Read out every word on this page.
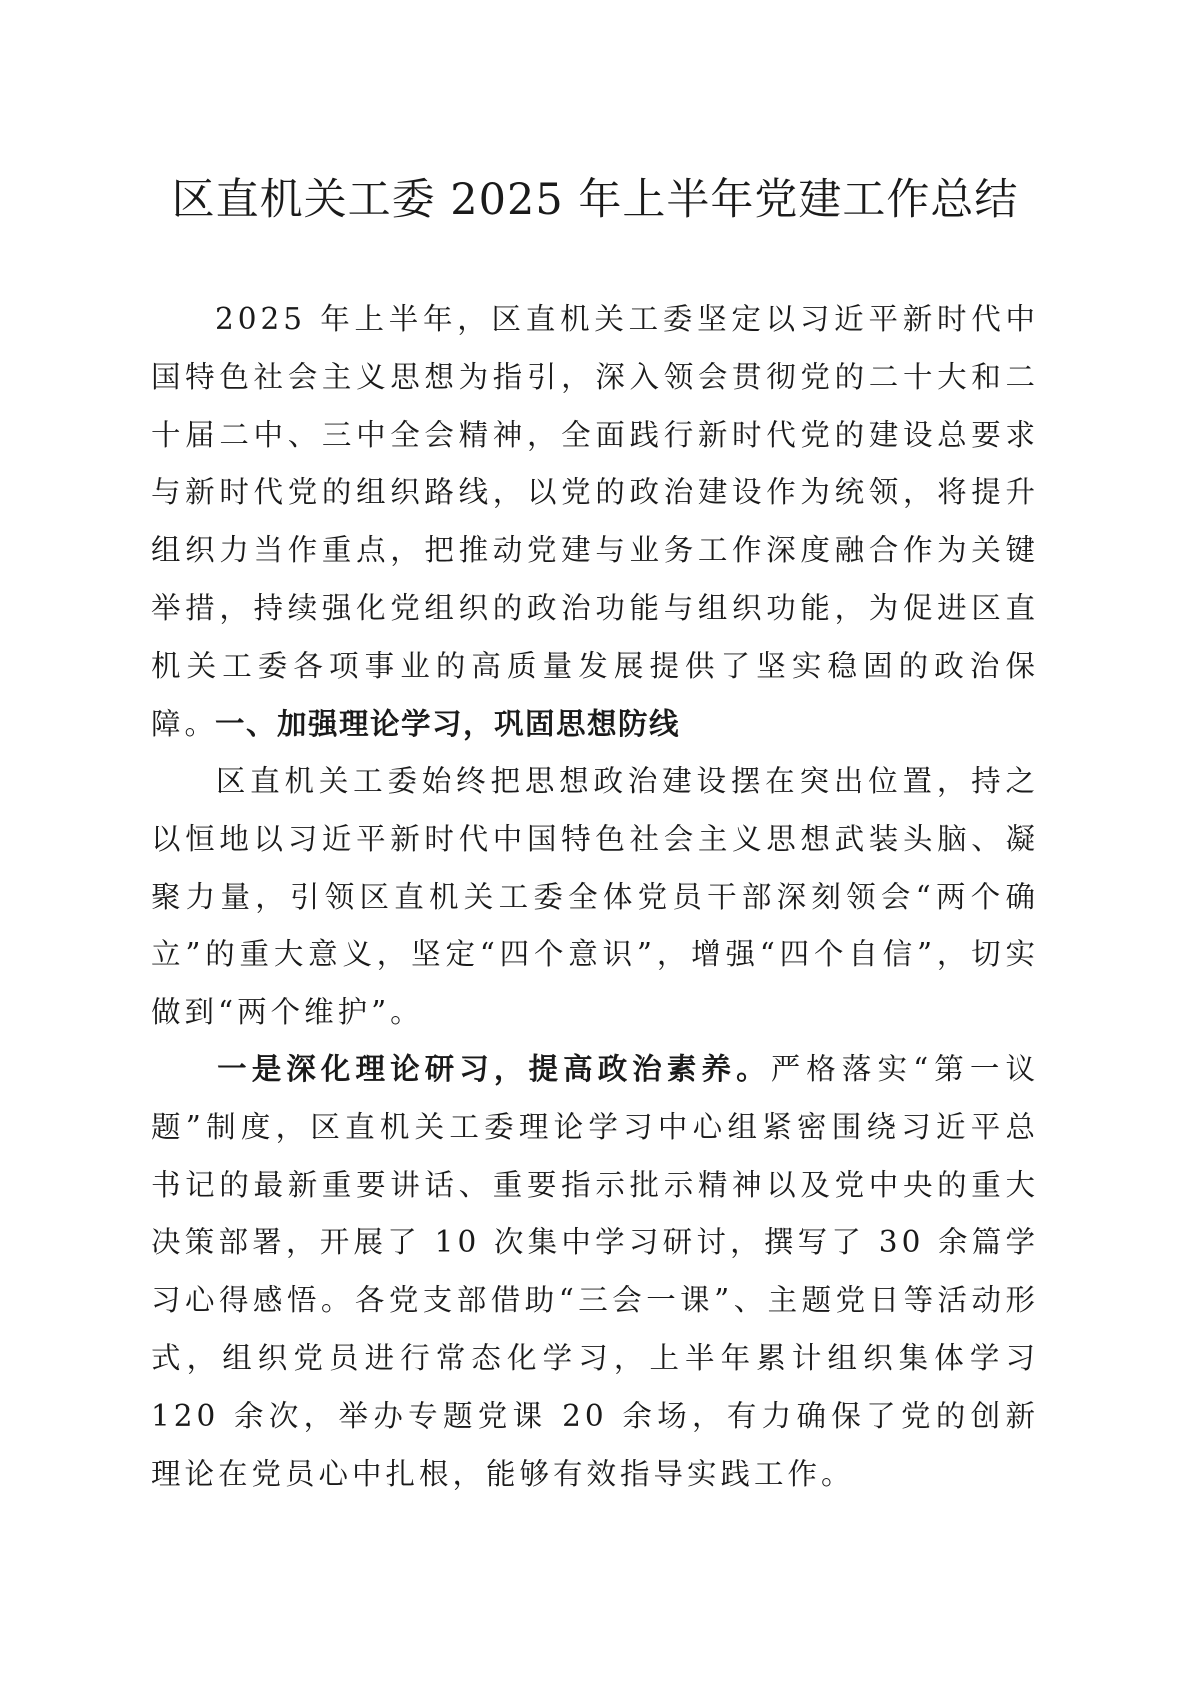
区直机关工委 2025 年上半年党建工作总结

2025 年上半年，区直机关工委坚定以习近平新时代中国特色社会主义思想为指引，深入领会贯彻党的二十大和二十届二中、三中全会精神，全面践行新时代党的建设总要求与新时代党的组织路线，以党的政治建设作为统领，将提升组织力当作重点，把推动党建与业务工作深度融合作为关键举措，持续强化党组织的政治功能与组织功能，为促进区直机关工委各项事业的高质量发展提供了坚实稳固的政治保障。

一、加强理论学习，巩固思想防线

区直机关工委始终把思想政治建设摆在突出位置，持之以恒地以习近平新时代中国特色社会主义思想武装头脑、凝聚力量，引领区直机关工委全体党员干部深刻领会“两个确立”的重大意义，坚定“四个意识”，增强“四个自信”，切实做到“两个维护”。

一是深化理论研习，提高政治素养。严格落实“第一议题”制度，区直机关工委理论学习中心组紧密围绕习近平总书记的最新重要讲话、重要指示批示精神以及党中央的重大决策部署，开展了 10 次集中学习研讨，撰写了 30 余篇学习心得感悟。各党支部借助“三会一课”、主题党日等活动形式，组织党员进行常态化学习，上半年累计组织集体学习 120 余次，举办专题党课 20 余场，有力确保了党的创新理论在党员心中扎根，能够有效指导实践工作。
